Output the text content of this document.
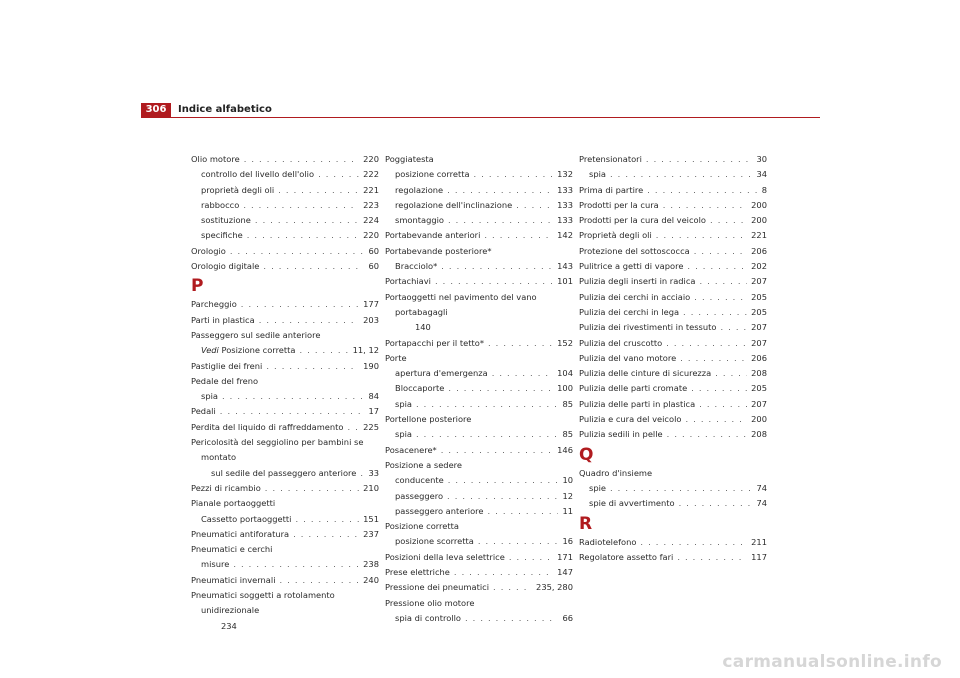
306	Indice alfabetico
Olio motore . . .	220
controllo del livello dell'olio . . .	222
proprietà degli oli . . .	221
rabbocco . . .	223
sostituzione . . .	224
specifiche . . .	220
Orologio . . .	60
Orologio digitale . . .	60
P
Parcheggio . . .	177
Parti in plastica . . .	203
Passeggero sul sedile anteriore
Vedi Posizione corretta . . .	11, 12
Pastiglie dei freni . . .	190
Pedale del freno
spia . . .	84
Pedali . . .	17
Perdita del liquido di raffreddamento . . . 225
Pericolosità del seggiolino per bambini se montato
sul sedile del passeggero anteriore . . . 33
Pezzi di ricambio . . .	210
Pianale portaoggetti
Cassetto portaoggetti . . .	151
Pneumatici antiforatura . . .	237
Pneumatici e cerchi
misure . . .	238
Pneumatici invernali . . .	240
Pneumatici soggetti a rotolamento unidirezionale
234
Poggiatesta
posizione corretta . . .	132
regolazione . . .	133
regolazione dell'inclinazione . . .	133
smontaggio . . .	133
Portabevande anteriori . . .	142
Portabevande posteriore*
Bracciolo* . . .	143
Portachiavi . . .	101
Portaoggetti nel pavimento del vano portabagagli
140
Portapacchi per il tetto* . . .	152
Porte
apertura d'emergenza . . .	104
Bloccaporte . . .	100
spia . . .	85
Portellone posteriore
spia . . .	85
Posacenere* . . .	146
Posizione a sedere
conducente . . .	10
passeggero . . .	12
passeggero anteriore . . .	11
Posizione corretta
posizione scorretta . . .	16
Posizioni della leva selettrice . . .	171
Prese elettriche . . .	147
Pressione dei pneumatici . . .	235, 280
Pressione olio motore
spia di controllo . . .	66
Pretensionatori . . .	30
spia . . .	34
Prima di partire . . .	8
Prodotti per la cura . . .	200
Prodotti per la cura del veicolo . . .	200
Proprietà degli oli . . .	221
Protezione del sottoscocca . . .	206
Pulitrice a getti di vapore . . .	202
Pulizia degli inserti in radica . . .	207
Pulizia dei cerchi in acciaio . . .	205
Pulizia dei cerchi in lega . . .	205
Pulizia dei rivestimenti in tessuto . . .	207
Pulizia del cruscotto . . .	207
Pulizia del vano motore . . .	206
Pulizia delle cinture di sicurezza . . .	208
Pulizia delle parti cromate . . .	205
Pulizia delle parti in plastica . . .	207
Pulizia e cura del veicolo . . .	200
Pulizia sedili in pelle . . .	208
Q
Quadro d'insieme
spie . . .	74
spie di avvertimento . . .	74
R
Radiotelefono . . .	211
Regolatore assetto fari . . .	117
carmanualsonline.info
